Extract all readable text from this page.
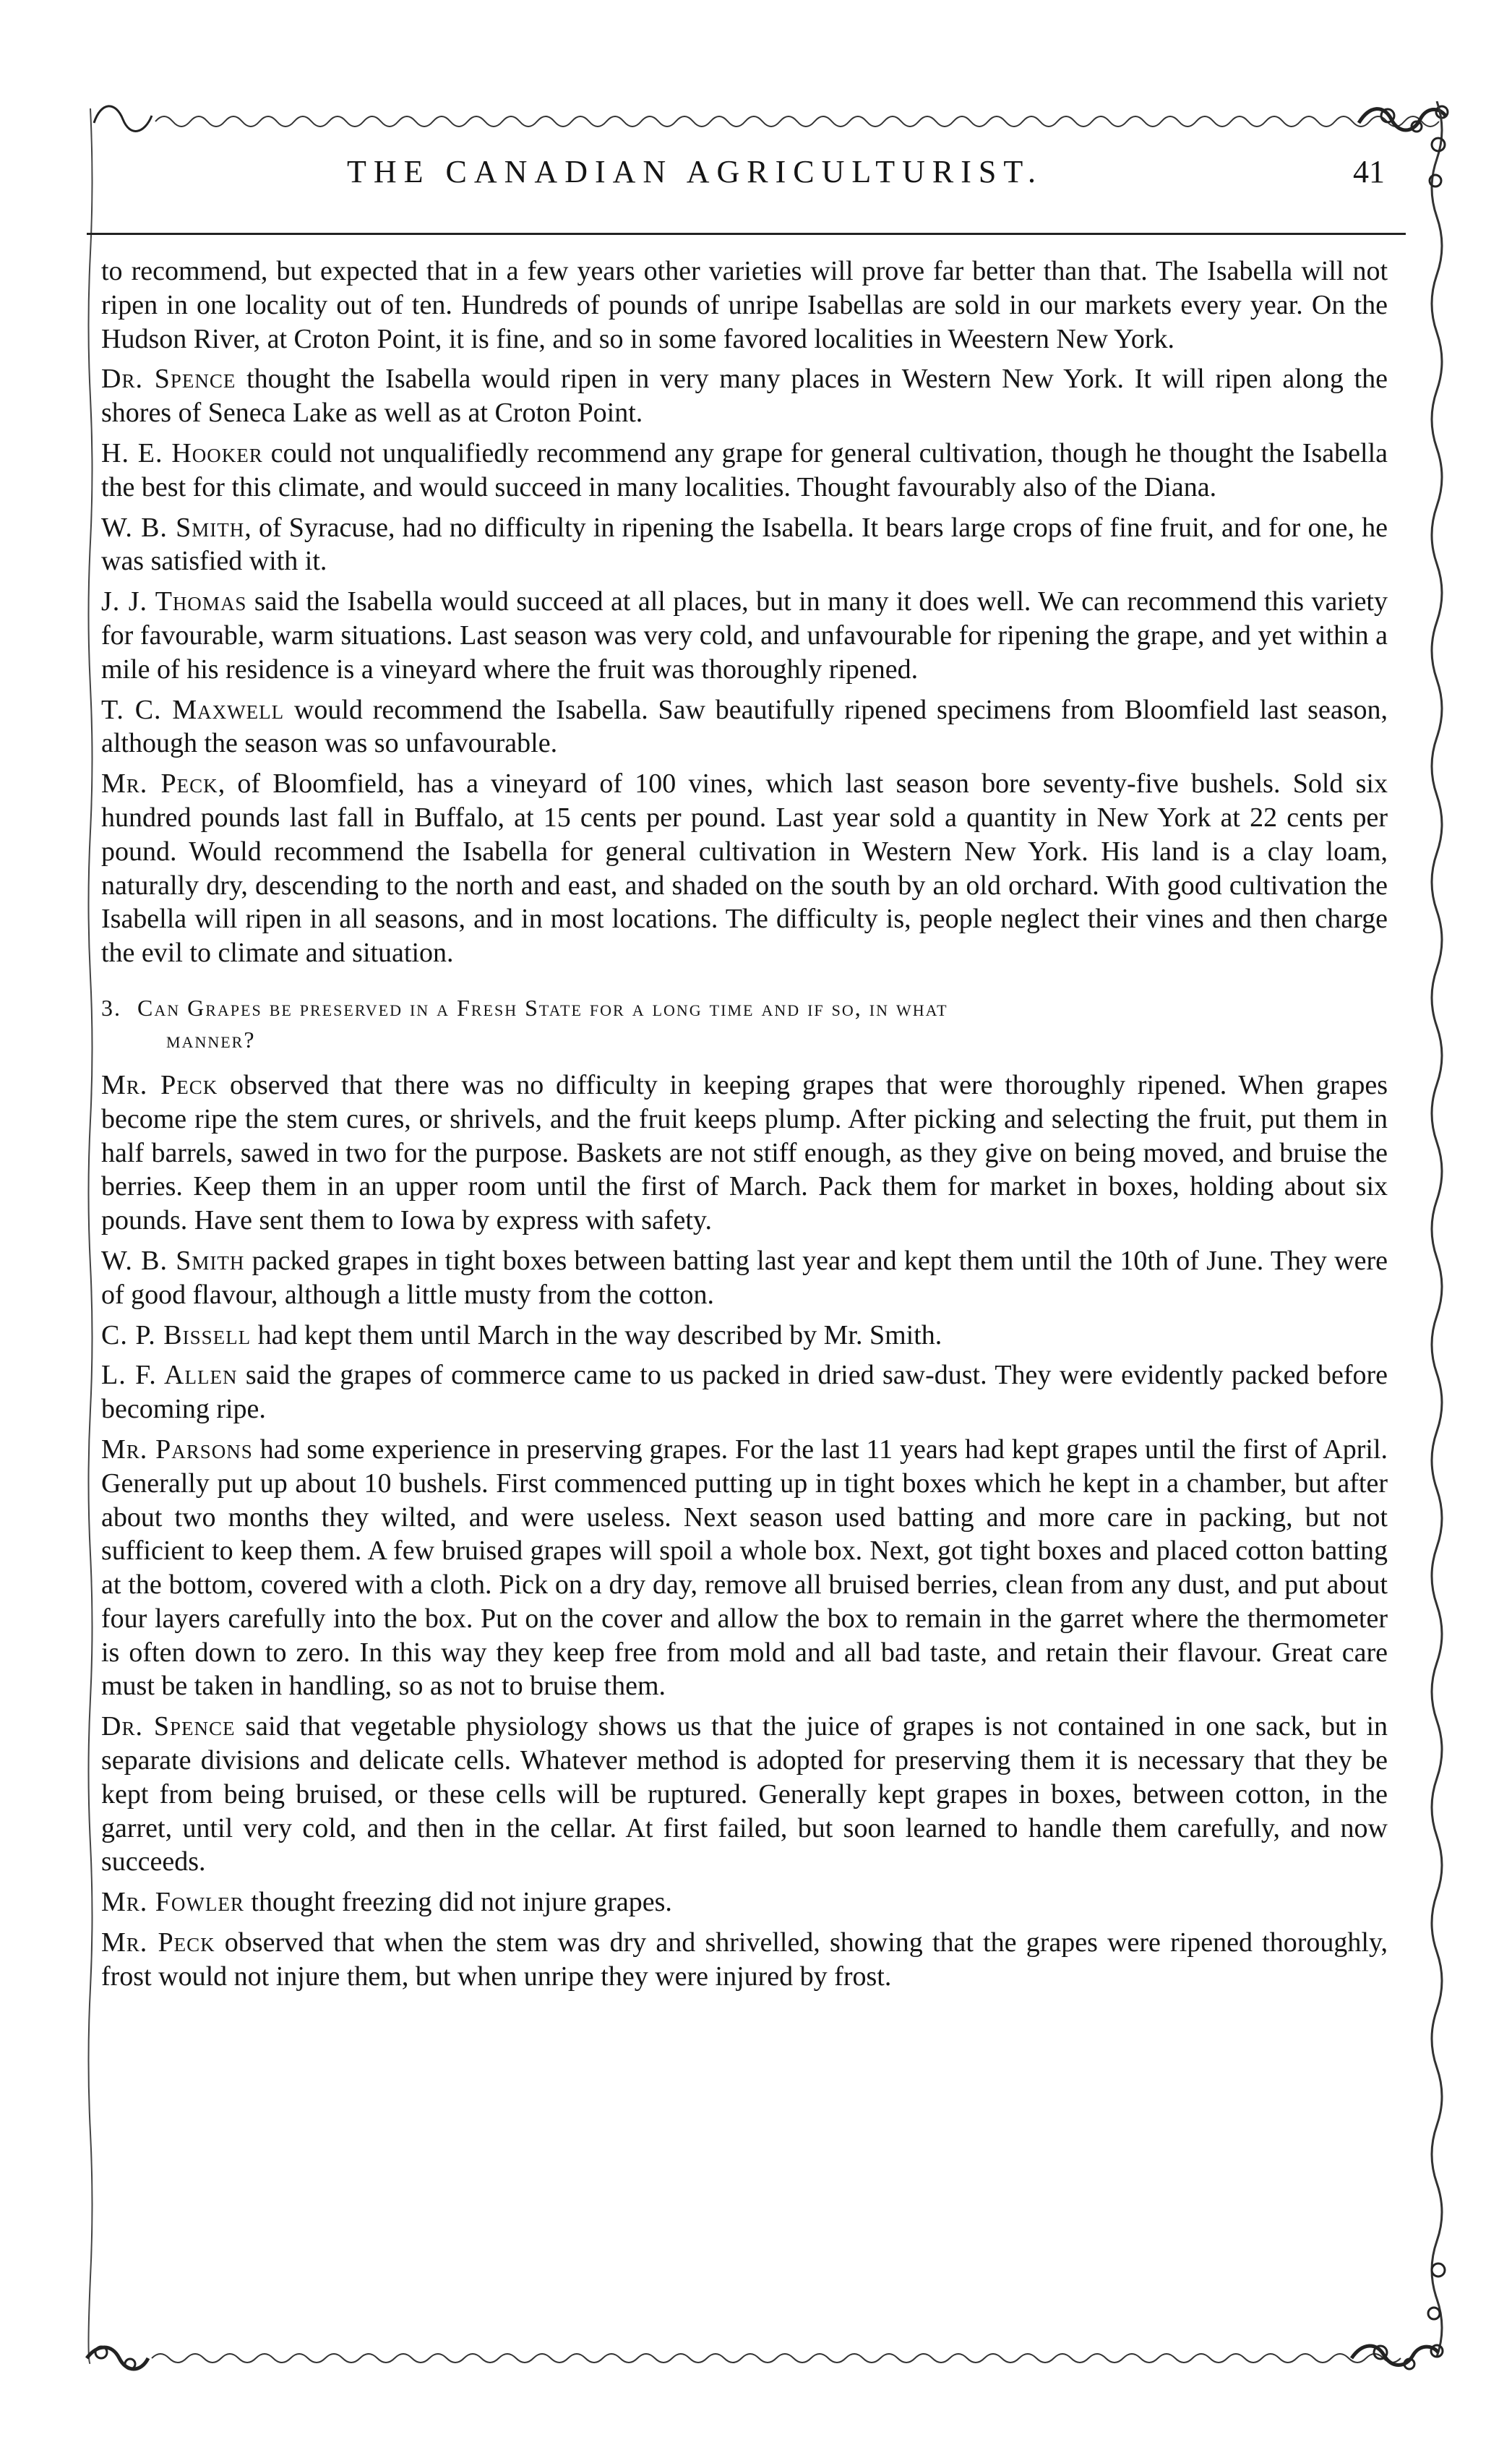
THE CANADIAN AGRICULTURIST.	41

to recommend, but expected that in a few years other varieties will prove far better than that. The Isabella will not ripen in one locality out of ten. Hundreds of pounds of unripe Isabellas are sold in our markets every year. On the Hudson River, at Croton Point, it is fine, and so in some favored localities in Weestern New York.

Dr. Spence thought the Isabella would ripen in very many places in Western New York. It will ripen along the shores of Seneca Lake as well as at Croton Point.

H. E. Hooker could not unqualifiedly recommend any grape for general cultivation, though he thought the Isabella the best for this climate, and would succeed in many localities. Thought favourably also of the Diana.

W. B. Smith, of Syracuse, had no difficulty in ripening the Isabella. It bears large crops of fine fruit, and for one, he was satisfied with it.

J. J. Thomas said the Isabella would succeed at all places, but in many it does well. We can recommend this variety for favourable, warm situations. Last season was very cold, and unfavourable for ripening the grape, and yet within a mile of his residence is a vineyard where the fruit was thoroughly ripened.

T. C. Maxwell would recommend the Isabella. Saw beautifully ripened specimens from Bloomfield last season, although the season was so unfavourable.

Mr. Peck, of Bloomfield, has a vineyard of 100 vines, which last season bore seventy-five bushels. Sold six hundred pounds last fall in Buffalo, at 15 cents per pound. Last year sold a quantity in New York at 22 cents per pound. Would recommend the Isabella for general cultivation in Western New York. His land is a clay loam, naturally dry, descending to the north and east, and shaded on the south by an old orchard. With good cultivation the Isabella will ripen in all seasons, and in most locations. The difficulty is, people neglect their vines and then charge the evil to climate and situation.

3. Can Grapes be preserved in a Fresh State for a long time and if so, in what
manner?

Mr. Peck observed that there was no difficulty in keeping grapes that were thoroughly ripened. When grapes become ripe the stem cures, or shrivels, and the fruit keeps plump. After picking and selecting the fruit, put them in half barrels, sawed in two for the purpose. Baskets are not stiff enough, as they give on being moved, and bruise the berries. Keep them in an upper room until the first of March. Pack them for market in boxes, holding about six pounds. Have sent them to Iowa by express with safety.

W. B. Smith packed grapes in tight boxes between batting last year and kept them until the 10th of June. They were of good flavour, although a little musty from the cotton.

C. P. Bissell had kept them until March in the way described by Mr. Smith.

L. F. Allen said the grapes of commerce came to us packed in dried saw-dust. They were evidently packed before becoming ripe.

Mr. Parsons had some experience in preserving grapes. For the last 11 years had kept grapes until the first of April. Generally put up about 10 bushels. First commenced putting up in tight boxes which he kept in a chamber, but after about two months they wilted, and were useless. Next season used batting and more care in packing, but not sufficient to keep them. A few bruised grapes will spoil a whole box. Next, got tight boxes and placed cotton batting at the bottom, covered with a cloth. Pick on a dry day, remove all bruised berries, clean from any dust, and put about four layers carefully into the box. Put on the cover and allow the box to remain in the garret where the thermometer is often down to zero. In this way they keep free from mold and all bad taste, and retain their flavour. Great care must be taken in handling, so as not to bruise them.

Dr. Spence said that vegetable physiology shows us that the juice of grapes is not contained in one sack, but in separate divisions and delicate cells. Whatever method is adopted for preserving them it is necessary that they be kept from being bruised, or these cells will be ruptured. Generally kept grapes in boxes, between cotton, in the garret, until very cold, and then in the cellar. At first failed, but soon learned to handle them carefully, and now succeeds.

Mr. Fowler thought freezing did not injure grapes.

Mr. Peck observed that when the stem was dry and shrivelled, showing that the grapes were ripened thoroughly, frost would not injure them, but when unripe they were injured by frost.
